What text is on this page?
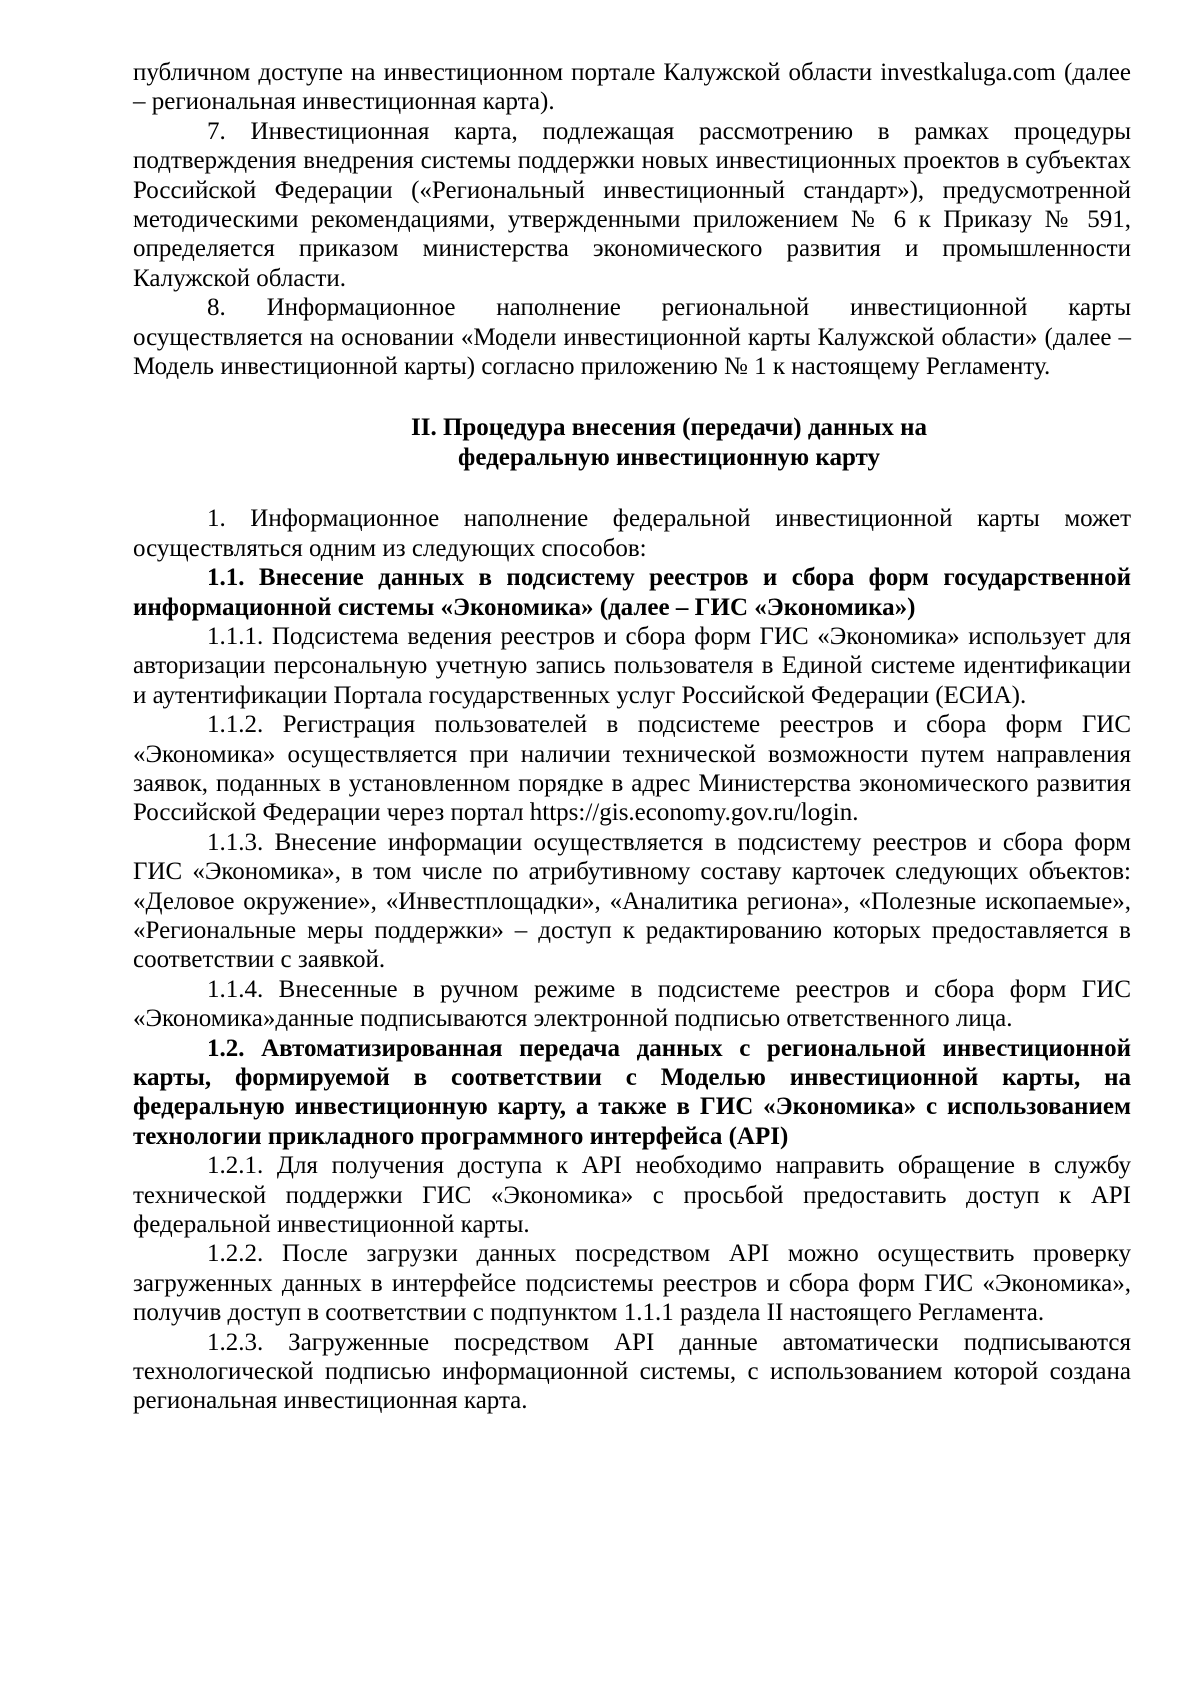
публичном доступе на инвестиционном портале Калужской области investkaluga.com (далее – региональная инвестиционная карта).

7. Инвестиционная карта, подлежащая рассмотрению в рамках процедуры подтверждения внедрения системы поддержки новых инвестиционных проектов в субъектах Российской Федерации («Региональный инвестиционный стандарт»), предусмотренной методическими рекомендациями, утвержденными приложением № 6 к Приказу № 591, определяется приказом министерства экономического развития и промышленности Калужской области.

8. Информационное наполнение региональной инвестиционной карты осуществляется на основании «Модели инвестиционной карты Калужской области» (далее – Модель инвестиционной карты) согласно приложению № 1 к настоящему Регламенту.

II. Процедура внесения (передачи) данных на

федеральную инвестиционную карту

1. Информационное наполнение федеральной инвестиционной карты может осуществляться одним из следующих способов:

1.1. Внесение данных в подсистему реестров и сбора форм государственной информационной системы «Экономика» (далее – ГИС «Экономика»)

1.1.1. Подсистема ведения реестров и сбора форм ГИС «Экономика» использует для авторизации персональную учетную запись пользователя в Единой системе идентификации и аутентификации Портала государственных услуг Российской Федерации (ЕСИА).

1.1.2. Регистрация пользователей в подсистеме реестров и сбора форм ГИС «Экономика» осуществляется при наличии технической возможности путем направления заявок, поданных в установленном порядке в адрес Министерства экономического развития Российской Федерации через портал https://gis.economy.gov.ru/login.

1.1.3. Внесение информации осуществляется в подсистему реестров и сбора форм ГИС «Экономика», в том числе по атрибутивному составу карточек следующих объектов: «Деловое окружение», «Инвестплощадки», «Аналитика региона», «Полезные ископаемые», «Региональные меры поддержки» – доступ к редактированию которых предоставляется в соответствии с заявкой.

1.1.4. Внесенные в ручном режиме в подсистеме реестров и сбора форм ГИС «Экономика»данные подписываются электронной подписью ответственного лица.

1.2. Автоматизированная передача данных с региональной инвестиционной карты, формируемой в соответствии с Моделью инвестиционной карты, на федеральную инвестиционную карту, а также в ГИС «Экономика» с использованием технологии прикладного программного интерфейса (API)

1.2.1. Для получения доступа к API необходимо направить обращение в службу технической поддержки ГИС «Экономика» с просьбой предоставить доступ к API федеральной инвестиционной карты.

1.2.2. После загрузки данных посредством API можно осуществить проверку загруженных данных в интерфейсе подсистемы реестров и сбора форм ГИС «Экономика», получив доступ в соответствии с подпунктом 1.1.1 раздела II настоящего Регламента.

1.2.3. Загруженные посредством API данные автоматически подписываются технологической подписью информационной системы, с использованием которой создана региональная инвестиционная карта.
